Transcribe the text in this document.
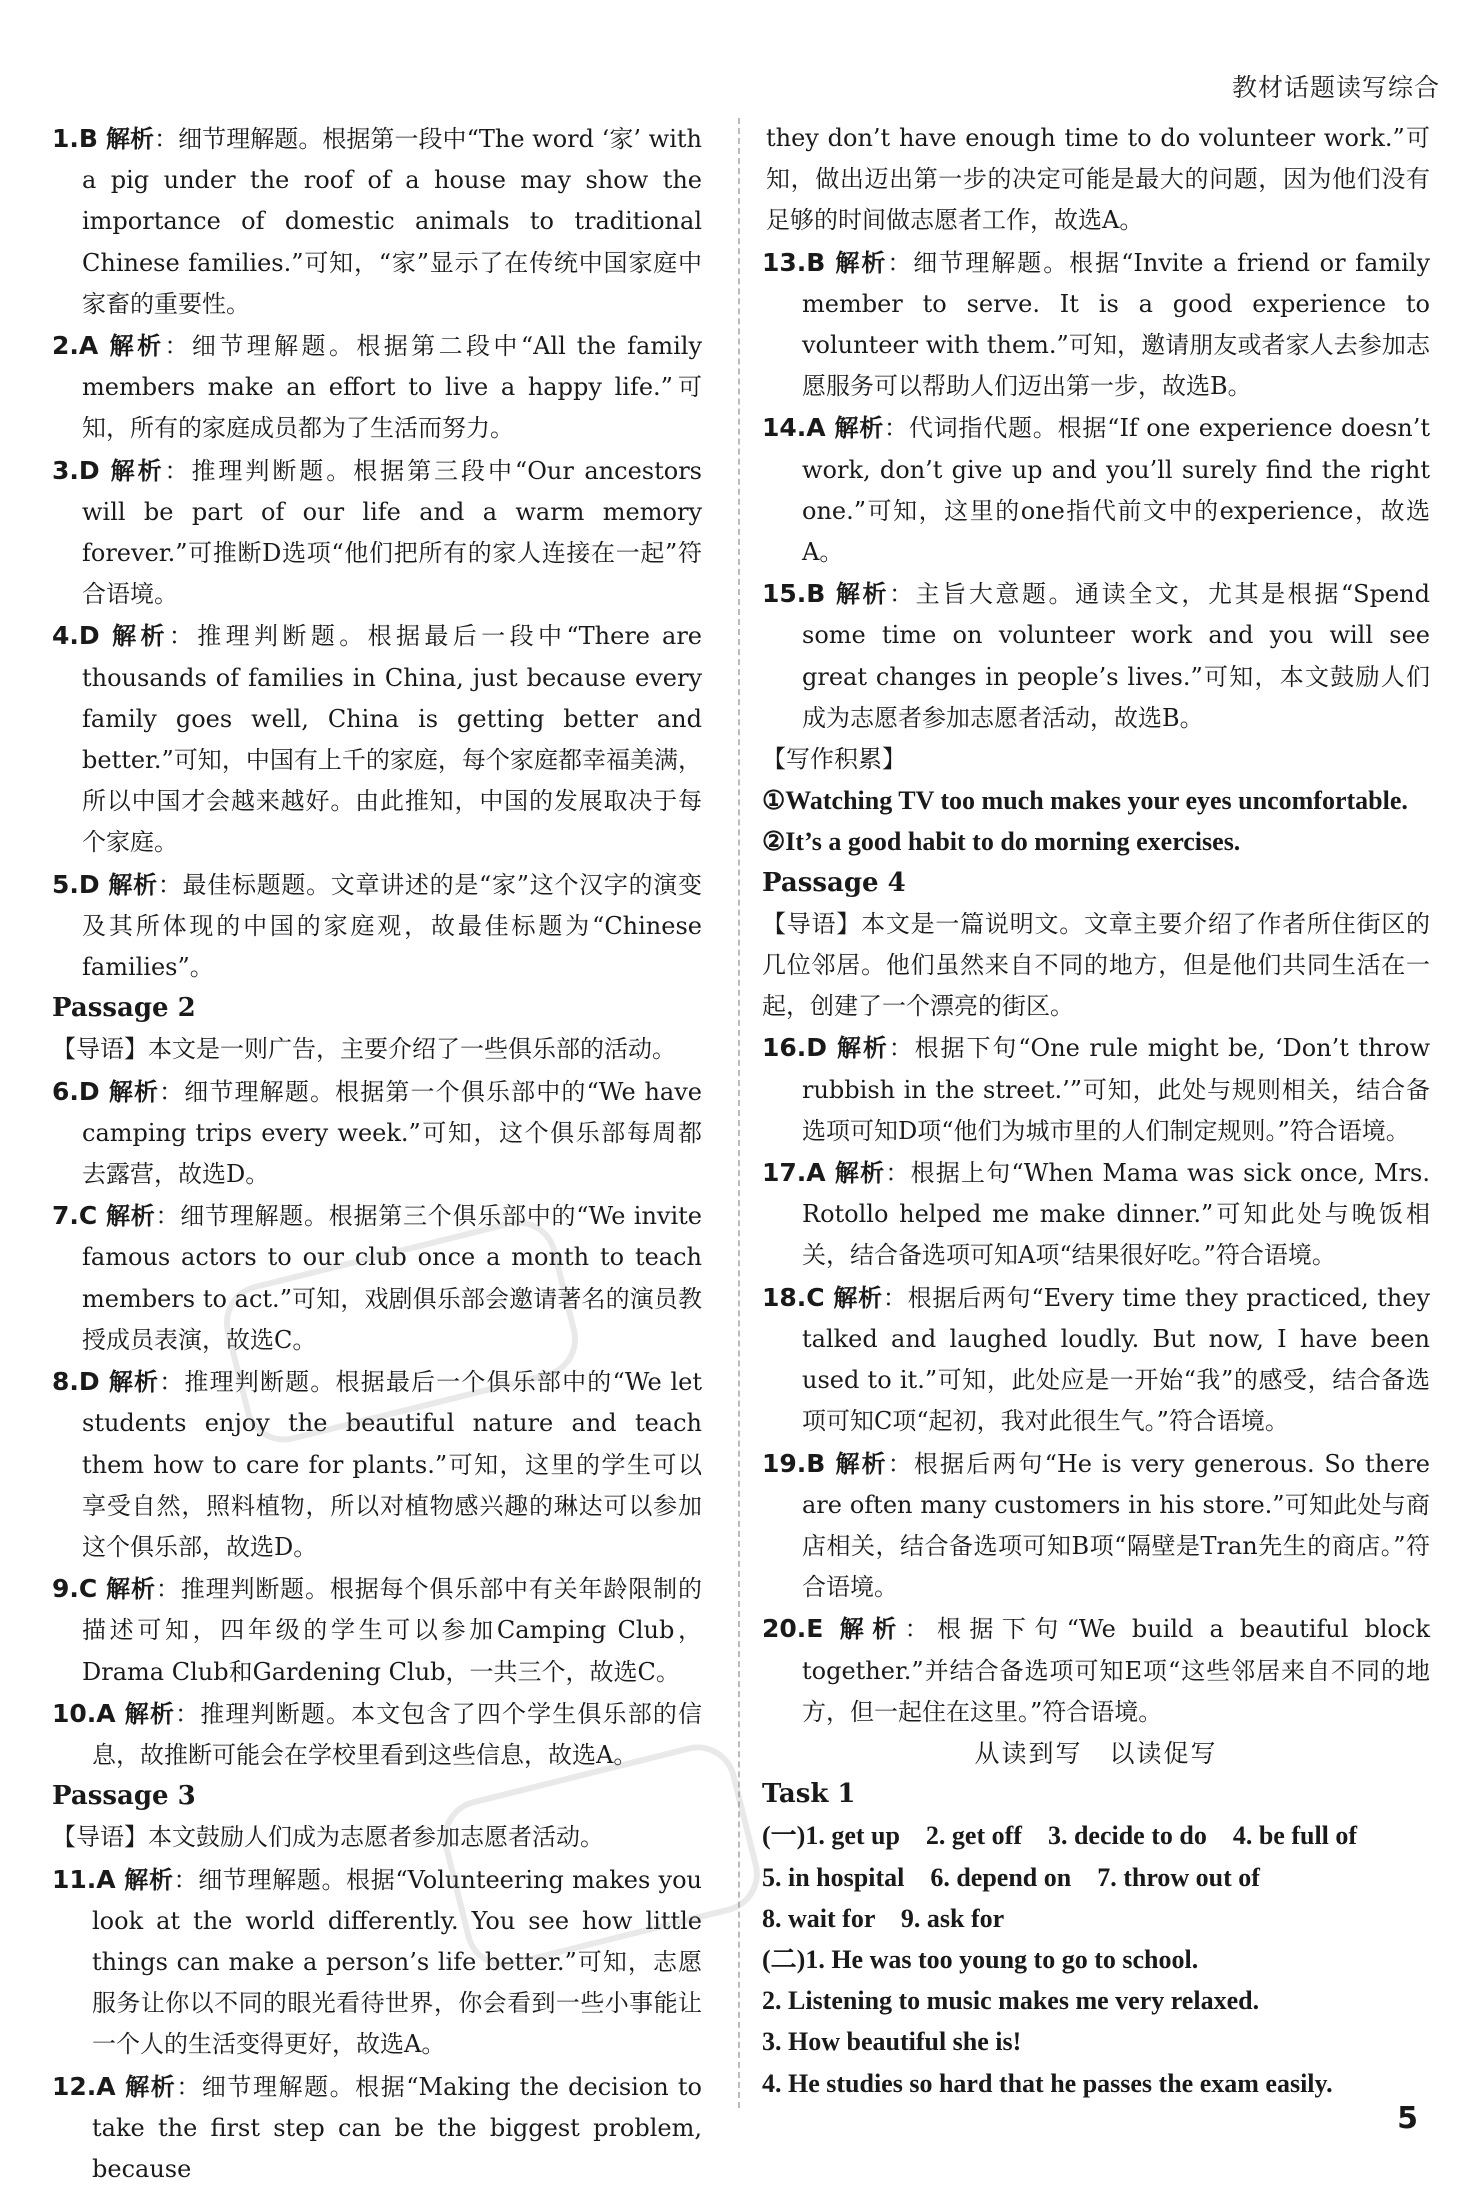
教材话题读写综合

1.B 解析：细节理解题。根据第一段中“The word ‘家’ with a pig under the roof of a house may show the importance of domestic animals to traditional Chinese families.”可知，“家”显示了在传统中国家庭中家畜的重要性。

2.A 解析：细节理解题。根据第二段中“All the family members make an effort to live a happy life.”可知，所有的家庭成员都为了生活而努力。

3.D 解析：推理判断题。根据第三段中“Our ancestors will be part of our life and a warm memory forever.”可推断D选项“他们把所有的家人连接在一起”符合语境。

4.D 解析：推理判断题。根据最后一段中“There are thousands of families in China, just because every family goes well, China is getting better and better.”可知，中国有上千的家庭，每个家庭都幸福美满，所以中国才会越来越好。由此推知，中国的发展取决于每个家庭。

5.D 解析：最佳标题题。文章讲述的是“家”这个汉字的演变及其所体现的中国的家庭观，故最佳标题为“Chinese families”。

Passage 2

【导语】本文是一则广告，主要介绍了一些俱乐部的活动。

6.D 解析：细节理解题。根据第一个俱乐部中的“We have camping trips every week.”可知，这个俱乐部每周都去露营，故选D。

7.C 解析：细节理解题。根据第三个俱乐部中的“We invite famous actors to our club once a month to teach members to act.”可知，戏剧俱乐部会邀请著名的演员教授成员表演，故选C。

8.D 解析：推理判断题。根据最后一个俱乐部中的“We let students enjoy the beautiful nature and teach them how to care for plants.”可知，这里的学生可以享受自然，照料植物，所以对植物感兴趣的琳达可以参加这个俱乐部，故选D。

9.C 解析：推理判断题。根据每个俱乐部中有关年龄限制的描述可知，四年级的学生可以参加Camping Club，Drama Club和Gardening Club，一共三个，故选C。

10.A 解析：推理判断题。本文包含了四个学生俱乐部的信息，故推断可能会在学校里看到这些信息，故选A。

Passage 3

【导语】本文鼓励人们成为志愿者参加志愿者活动。

11.A 解析：细节理解题。根据“Volunteering makes you look at the world differently. You see how little things can make a person’s life better.”可知，志愿服务让你以不同的眼光看待世界，你会看到一些小事能让一个人的生活变得更好，故选A。

12.A 解析：细节理解题。根据“Making the decision to take the first step can be the biggest problem, because

they don’t have enough time to do volunteer work.”可知，做出迈出第一步的决定可能是最大的问题，因为他们没有足够的时间做志愿者工作，故选A。

13.B 解析：细节理解题。根据“Invite a friend or family member to serve. It is a good experience to volunteer with them.”可知，邀请朋友或者家人去参加志愿服务可以帮助人们迈出第一步，故选B。

14.A 解析：代词指代题。根据“If one experience doesn’t work, don’t give up and you’ll surely find the right one.”可知，这里的one指代前文中的experience，故选A。

15.B 解析：主旨大意题。通读全文，尤其是根据“Spend some time on volunteer work and you will see great changes in people’s lives.”可知，本文鼓励人们成为志愿者参加志愿者活动，故选B。

【写作积累】

①Watching TV too much makes your eyes uncomfortable.

②It’s a good habit to do morning exercises.

Passage 4

【导语】本文是一篇说明文。文章主要介绍了作者所住街区的几位邻居。他们虽然来自不同的地方，但是他们共同生活在一起，创建了一个漂亮的街区。

16.D 解析：根据下句“One rule might be, ‘Don’t throw rubbish in the street.’”可知，此处与规则相关，结合备选项可知D项“他们为城市里的人们制定规则。”符合语境。

17.A 解析：根据上句“When Mama was sick once, Mrs. Rotollo helped me make dinner.”可知此处与晚饭相关，结合备选项可知A项“结果很好吃。”符合语境。

18.C 解析：根据后两句“Every time they practiced, they talked and laughed loudly. But now, I have been used to it.”可知，此处应是一开始“我”的感受，结合备选项可知C项“起初，我对此很生气。”符合语境。

19.B 解析：根据后两句“He is very generous. So there are often many customers in his store.”可知此处与商店相关，结合备选项可知B项“隔壁是Tran先生的商店。”符合语境。

20.E 解析：根据下句“We build a beautiful block together.”并结合备选项可知E项“这些邻居来自不同的地方，但一起住在这里。”符合语境。

从读到写　以读促写

Task 1

(一)1. get up　2. get off　3. decide to do　4. be full of

5. in hospital　6. depend on　7. throw out of

8. wait for　9. ask for

(二)1. He was too young to go to school.

2. Listening to music makes me very relaxed.

3. How beautiful she is!

4. He studies so hard that he passes the exam easily.

5
